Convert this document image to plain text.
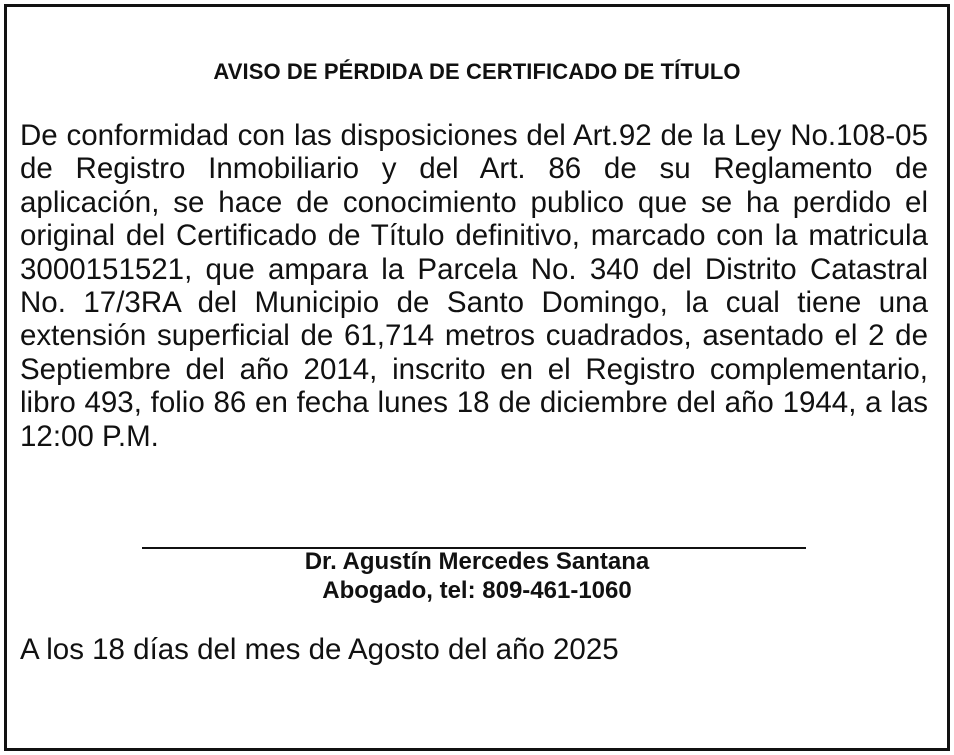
AVISO DE PÉRDIDA DE CERTIFICADO DE TÍTULO

De conformidad con las disposiciones del Art.92 de la Ley No.108-05 de Registro Inmobiliario y del Art. 86 de su Reglamento de aplicación, se hace de conocimiento publico que se ha perdido el original del Certificado de Título definitivo, marcado con la matricula 3000151521, que ampara la Parcela No. 340 del Distrito Catastral No. 17/3RA del Municipio de Santo Domingo, la cual tiene una extensión superficial de 61,714 metros cuadrados, asentado el 2 de Septiembre del año 2014, inscrito en el Registro complementario, libro 493, folio 86 en fecha lunes 18 de diciembre del año 1944, a las 12:00 P.M.

Dr. Agustín Mercedes Santana
Abogado, tel: 809-461-1060
A los 18 días del mes de Agosto del año 2025
